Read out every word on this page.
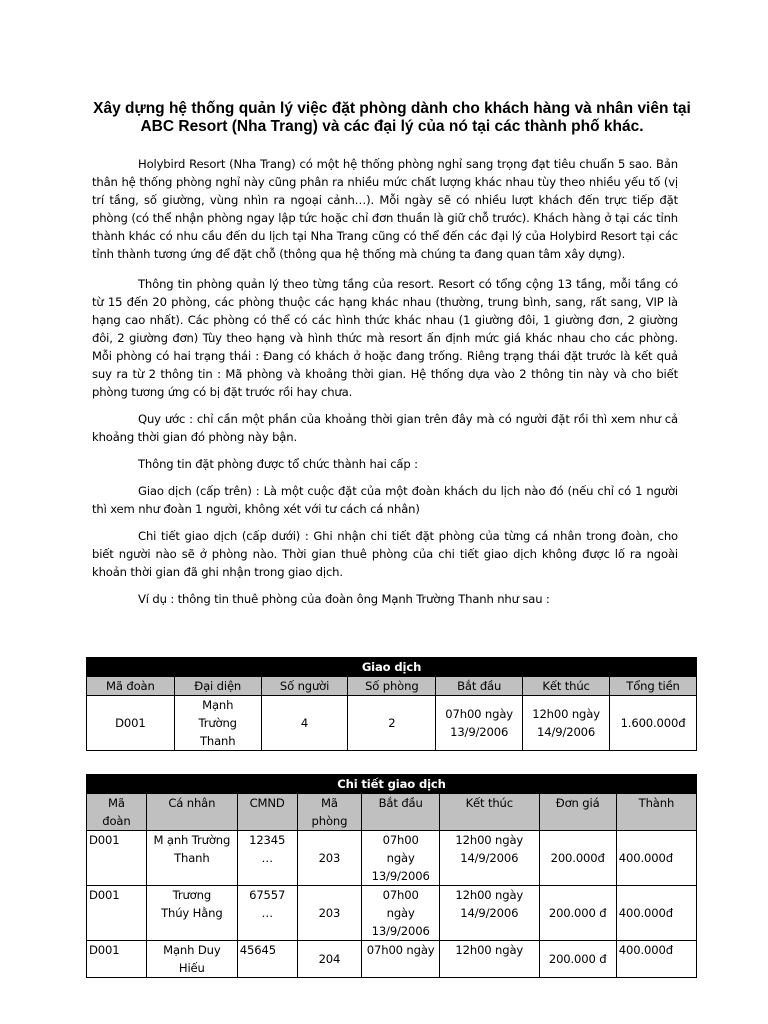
Xây dựng hệ thống quản lý việc đặt phòng dành cho khách hàng và nhân viên tại ABC Resort (Nha Trang) và các đại lý của nó tại các thành phố khác.

Holybird Resort (Nha Trang) có một hệ thống phòng nghỉ sang trọng đạt tiêu chuẩn 5 sao. Bản thân hệ thống phòng nghỉ này cũng phân ra nhiều mức chất lượng khác nhau tùy theo nhiều yếu tố (vị trí tầng, số giường, vùng nhìn ra ngoại cảnh…). Mỗi ngày sẽ có nhiều lượt khách đến trực tiếp đặt phòng (có thể nhận phòng ngay lập tức hoặc chỉ đơn thuần là giữ chỗ trước). Khách hàng ở tại các tỉnh thành khác có nhu cầu đến du lịch tại Nha Trang cũng có thể đến các đại lý của Holybird Resort tại các tỉnh thành tương ứng để đặt chỗ (thông qua hệ thống mà chúng ta đang quan tâm xây dựng).

Thông tin phòng quản lý theo từng tầng của resort. Resort có tổng cộng 13 tầng, mỗi tầng có từ 15 đến 20 phòng, các phòng thuộc các hạng khác nhau (thường, trung bình, sang, rất sang, VIP là hạng cao nhất). Các phòng có thể có các hình thức khác nhau (1 giường đôi, 1 giường đơn, 2 giường đôi, 2 giường đơn) Tùy theo hạng và hình thức mà resort ấn định mức giá khác nhau cho các phòng. Mỗi phòng có hai trạng thái : Đang có khách ở hoặc đang trống. Riêng trạng thái đặt trước là kết quả suy ra từ 2 thông tin : Mã phòng và khoảng thời gian. Hệ thống dựa vào 2 thông tin này và cho biết phòng tương ứng có bị đặt trước rồi hay chưa.

Quy ước : chỉ cần một phần của khoảng thời gian trên đây mà có người đặt rồi thì xem như cả khoảng thời gian đó phòng này bận.

Thông tin đặt phòng được tổ chức thành hai cấp :

Giao dịch (cấp trên) : Là một cuộc đặt của một đoàn khách du lịch nào đó (nếu chỉ có 1 người thì xem như đoàn 1 người, không xét với tư cách cá nhân)

Chi tiết giao dịch (cấp dưới) : Ghi nhận chi tiết đặt phòng của từng cá nhân trong đoàn, cho biết người nào sẽ ở phòng nào. Thời gian thuê phòng của chi tiết giao dịch không được lố ra ngoài khoản thời gian đã ghi nhận trong giao dịch.

Ví dụ : thông tin thuê phòng của đoàn ông Mạnh Trường Thanh như sau :

Giao dịch						
Mã đoàn	Đại diện	Số người	Số phòng	Bắt đầu	Kết thúc	Tổng tiền
D001	Mạnh Trường Thanh	4	2	07h00 ngày 13/9/2006	12h00 ngày 14/9/2006	1.600.000đ
Chi tiết giao dịch							
Mã đoàn	Cá nhân	CMND	Mã phòng	Bắt đầu	Kết thúc	Đơn giá	Thành
D001	M ạnh Trường Thanh	12345 …	203	07h00 ngày 13/9/2006	12h00 ngày 14/9/2006	200.000đ	400.000đ
D001	Trương Thúy Hằng	67557 …	203	07h00 ngày 13/9/2006	12h00 ngày 14/9/2006	200.000 đ	400.000đ
D001	Mạnh Duy Hiếu	45645	204	07h00 ngày	12h00 ngày	200.000 đ	400.000đ
